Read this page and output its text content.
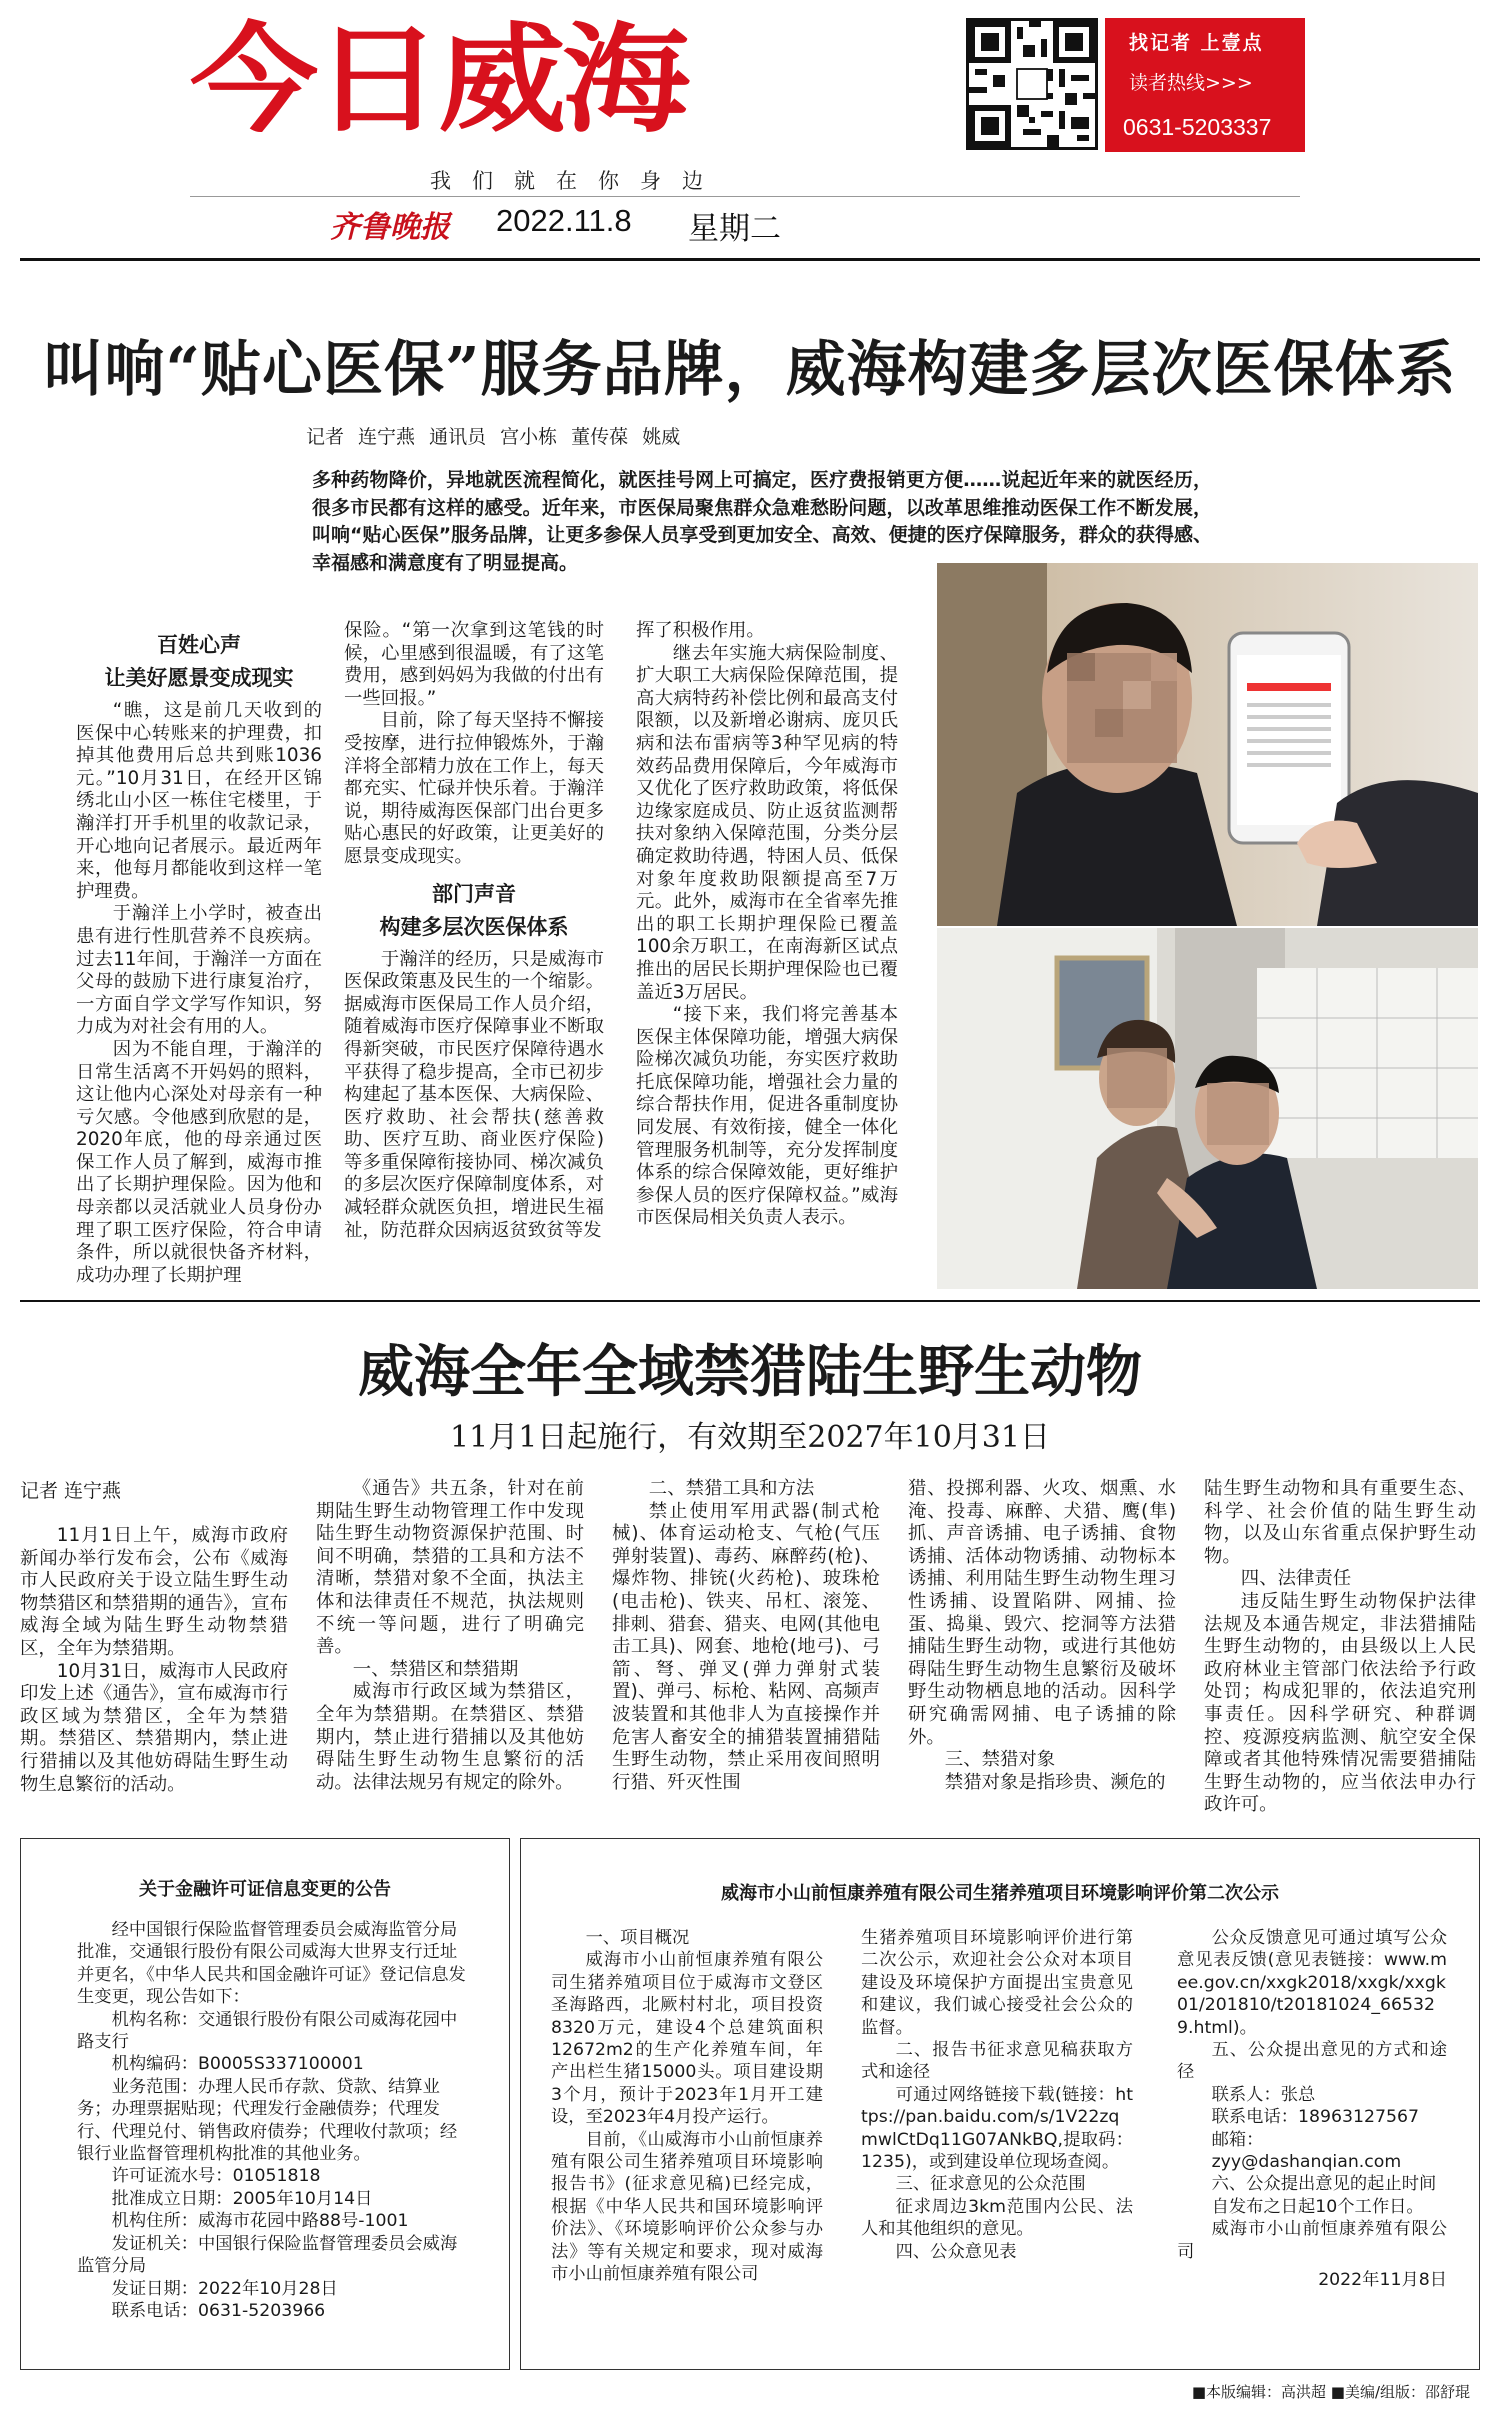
今日威海
我们就在你身边
齐鲁晚报 2022.11.8 星期二
找记者 上壹点
读者热线>>>
0631-5203337
叫响“贴心医保”服务品牌，威海构建多层次医保体系
记者 连宁燕 通讯员 宫小栋 董传葆 姚威
多种药物降价，异地就医流程简化，就医挂号网上可搞定，医疗费报销更方便……说起近年来的就医经历，很多市民都有这样的感受。近年来，市医保局聚焦群众急难愁盼问题，以改革思维推动医保工作不断发展，叫响“贴心医保”服务品牌，让更多参保人员享受到更加安全、高效、便捷的医疗保障服务，群众的获得感、幸福感和满意度有了明显提高。
百姓心声
让美好愿景变成现实

“瞧，这是前几天收到的医保中心转账来的护理费，扣掉其他费用后总共到账1036元。”10月31日，在经开区锦绣北山小区一栋住宅楼里，于瀚洋打开手机里的收款记录，开心地向记者展示。最近两年来，他每月都能收到这样一笔护理费。

于瀚洋上小学时，被查出患有进行性肌营养不良疾病。过去11年间，于瀚洋一方面在父母的鼓励下进行康复治疗，一方面自学文学写作知识，努力成为对社会有用的人。

因为不能自理，于瀚洋的日常生活离不开妈妈的照料，这让他内心深处对母亲有一种亏欠感。令他感到欣慰的是，2020年底，他的母亲通过医保工作人员了解到，威海市推出了长期护理保险。因为他和母亲都以灵活就业人员身份办理了职工医疗保险，符合申请条件，所以就很快备齐材料，成功办理了长期护理

保险。“第一次拿到这笔钱的时候，心里感到很温暖，有了这笔费用，感到妈妈为我做的付出有一些回报。”

目前，除了每天坚持不懈接受按摩，进行拉伸锻炼外，于瀚洋将全部精力放在工作上，每天都充实、忙碌并快乐着。于瀚洋说，期待威海医保部门出台更多贴心惠民的好政策，让更美好的愿景变成现实。

部门声音
构建多层次医保体系

于瀚洋的经历，只是威海市医保政策惠及民生的一个缩影。据威海市医保局工作人员介绍，随着威海市医疗保障事业不断取得新突破，市民医疗保障待遇水平获得了稳步提高，全市已初步构建起了基本医保、大病保险、医疗救助、社会帮扶(慈善救助、医疗互助、商业医疗保险)等多重保障衔接协同、梯次减负的多层次医疗保障制度体系，对减轻群众就医负担，增进民生福祉，防范群众因病返贫致贫等发

挥了积极作用。

继去年实施大病保险制度、扩大职工大病保险保障范围，提高大病特药补偿比例和最高支付限额，以及新增必谢病、庞贝氏病和法布雷病等3种罕见病的特效药品费用保障后，今年威海市又优化了医疗救助政策，将低保边缘家庭成员、防止返贫监测帮扶对象纳入保障范围，分类分层确定救助待遇，特困人员、低保对象年度救助限额提高至7万元。此外，威海市在全省率先推出的职工长期护理保险已覆盖100余万职工，在南海新区试点推出的居民长期护理保险也已覆盖近3万居民。

“接下来，我们将完善基本医保主体保障功能，增强大病保险梯次减负功能，夯实医疗救助托底保障功能，增强社会力量的综合帮扶作用，促进各重制度协同发展、有效衔接，健全一体化管理服务机制等，充分发挥制度体系的综合保障效能，更好维护参保人员的医疗保障权益。”威海市医保局相关负责人表示。

威海全年全域禁猎陆生野生动物
11月1日起施行，有效期至2027年10月31日
记者 连宁燕

11月1日上午，威海市政府新闻办举行发布会，公布《威海市人民政府关于设立陆生野生动物禁猎区和禁猎期的通告》，宣布威海全域为陆生野生动物禁猎区，全年为禁猎期。

10月31日，威海市人民政府印发上述《通告》，宣布威海市行政区域为禁猎区，全年为禁猎期。禁猎区、禁猎期内，禁止进行猎捕以及其他妨碍陆生野生动物生息繁衍的活动。

《通告》共五条，针对在前期陆生野生动物管理工作中发现陆生野生动物资源保护范围、时间不明确，禁猎的工具和方法不清晰，禁猎对象不全面，执法主体和法律责任不规范，执法规则不统一等问题，进行了明确完善。

一、禁猎区和禁猎期

威海市行政区域为禁猎区，全年为禁猎期。在禁猎区、禁猎期内，禁止进行猎捕以及其他妨碍陆生野生动物生息繁衍的活动。法律法规另有规定的除外。

二、禁猎工具和方法

禁止使用军用武器(制式枪械)、体育运动枪支、气枪(气压弹射装置)、毒药、麻醉药(枪)、爆炸物、排铳(火药枪)、玻珠枪(电击枪)、铁夹、吊杠、滚笼、排刺、猎套、猎夹、电网(其他电击工具)、网套、地枪(地弓)、弓箭、弩、弹叉(弹力弹射式装置)、弹弓、标枪、粘网、高频声波装置和其他非人为直接操作并危害人畜安全的捕猎装置捕猎陆生野生动物，禁止采用夜间照明行猎、歼灭性围

猎、投掷利器、火攻、烟熏、水淹、投毒、麻醉、犬猎、鹰(隼)抓、声音诱捕、电子诱捕、食物诱捕、活体动物诱捕、动物标本诱捕、利用陆生野生动物生理习性诱捕、设置陷阱、网捕、捡蛋、捣巢、毁穴、挖洞等方法猎捕陆生野生动物，或进行其他妨碍陆生野生动物生息繁衍及破坏野生动物栖息地的活动。因科学研究确需网捕、电子诱捕的除外。

三、禁猎对象

禁猎对象是指珍贵、濒危的

陆生野生动物和具有重要生态、科学、社会价值的陆生野生动物，以及山东省重点保护野生动物。

四、法律责任

违反陆生野生动物保护法律法规及本通告规定，非法猎捕陆生野生动物的，由县级以上人民政府林业主管部门依法给予行政处罚；构成犯罪的，依法追究刑事责任。因科学研究、种群调控、疫源疫病监测、航空安全保障或者其他特殊情况需要猎捕陆生野生动物的，应当依法申办行政许可。

关于金融许可证信息变更的公告

经中国银行保险监督管理委员会威海监管分局批准，交通银行股份有限公司威海大世界支行迁址并更名，《中华人民共和国金融许可证》登记信息发生变更，现公告如下：

机构名称：交通银行股份有限公司威海花园中路支行

机构编码：B0005S337100001

业务范围：办理人民币存款、贷款、结算业务；办理票据贴现；代理发行金融债券；代理发行、代理兑付、销售政府债券；代理收付款项；经银行业监督管理机构批准的其他业务。

许可证流水号：01051818

批准成立日期：2005年10月14日

机构住所：威海市花园中路88号-1001

发证机关：中国银行保险监督管理委员会威海监管分局

发证日期：2022年10月28日

联系电话：0631-5203966

威海市小山前恒康养殖有限公司生猪养殖项目环境影响评价第二次公示

一、项目概况

威海市小山前恒康养殖有限公司生猪养殖项目位于威海市文登区圣海路西，北厥村村北，项目投资8320万元，建设4个总建筑面积12672m2的生产化养殖车间，年产出栏生猪15000头。项目建设期3个月，预计于2023年1月开工建设，至2023年4月投产运行。

目前，《山威海市小山前恒康养殖有限公司生猪养殖项目环境影响报告书》(征求意见稿)已经完成，根据《中华人民共和国环境影响评价法》、《环境影响评价公众参与办法》等有关规定和要求，现对威海市小山前恒康养殖有限公司

生猪养殖项目环境影响评价进行第二次公示，欢迎社会公众对本项目建设及环境保护方面提出宝贵意见和建议，我们诚心接受社会公众的监督。

二、报告书征求意见稿获取方式和途径

可通过网络链接下载(链接：https://pan.baidu.com/s/1V22zqmwlCtDq11G07ANkBQ,提取码：1235)，或到建设单位现场查阅。

三、征求意见的公众范围

征求周边3km范围内公民、法人和其他组织的意见。

四、公众意见表

公众反馈意见可通过填写公众意见表反馈(意见表链接：www.mee.gov.cn/xxgk2018/xxgk/xxgk01/201810/t20181024_665329.html)。

五、公众提出意见的方式和途径

联系人：张总

联系电话：18963127567

邮箱：

zyy@dashanqian.com

六、公众提出意见的起止时间

自发布之日起10个工作日。

威海市小山前恒康养殖有限公司

2022年11月8日

■本版编辑：高洪超 ■美编/组版：邵舒琨
